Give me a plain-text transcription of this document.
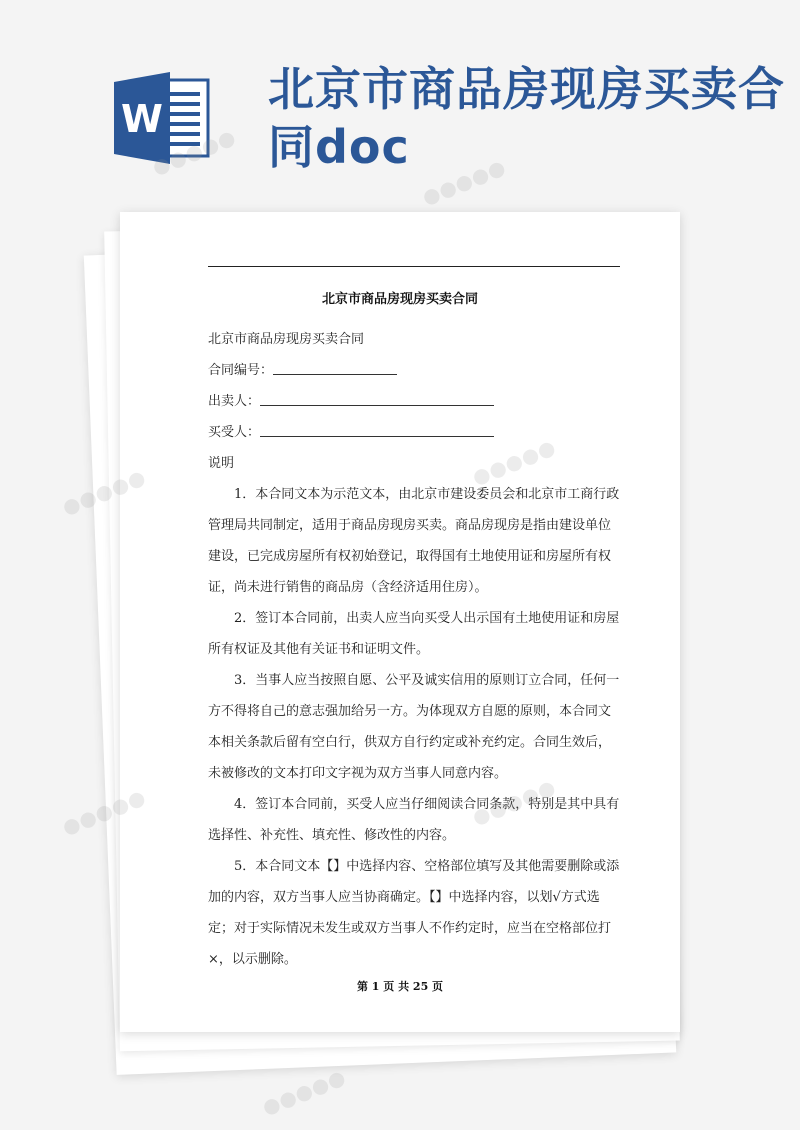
W
北京市商品房现房买卖合同doc
北京市商品房现房买卖合同

北京市商品房现房买卖合同

合同编号：

出卖人：

买受人：

说明

1．本合同文本为示范文本，由北京市建设委员会和北京市工商行政管理局共同制定，适用于商品房现房买卖。商品房现房是指由建设单位建设，已完成房屋所有权初始登记，取得国有土地使用证和房屋所有权证，尚未进行销售的商品房（含经济适用住房）。

2．签订本合同前，出卖人应当向买受人出示国有土地使用证和房屋所有权证及其他有关证书和证明文件。

3．当事人应当按照自愿、公平及诚实信用的原则订立合同，任何一方不得将自己的意志强加给另一方。为体现双方自愿的原则，本合同文本相关条款后留有空白行，供双方自行约定或补充约定。合同生效后，未被修改的文本打印文字视为双方当事人同意内容。

4．签订本合同前，买受人应当仔细阅读合同条款，特别是其中具有选择性、补充性、填充性、修改性的内容。

5．本合同文本【】中选择内容、空格部位填写及其他需要删除或添加的内容，双方当事人应当协商确定。【】中选择内容，以划√方式选定；对于实际情况未发生或双方当事人不作约定时，应当在空格部位打×，以示删除。

第 1 页 共 25 页
●●●●●
●●●●●
●●●●●
